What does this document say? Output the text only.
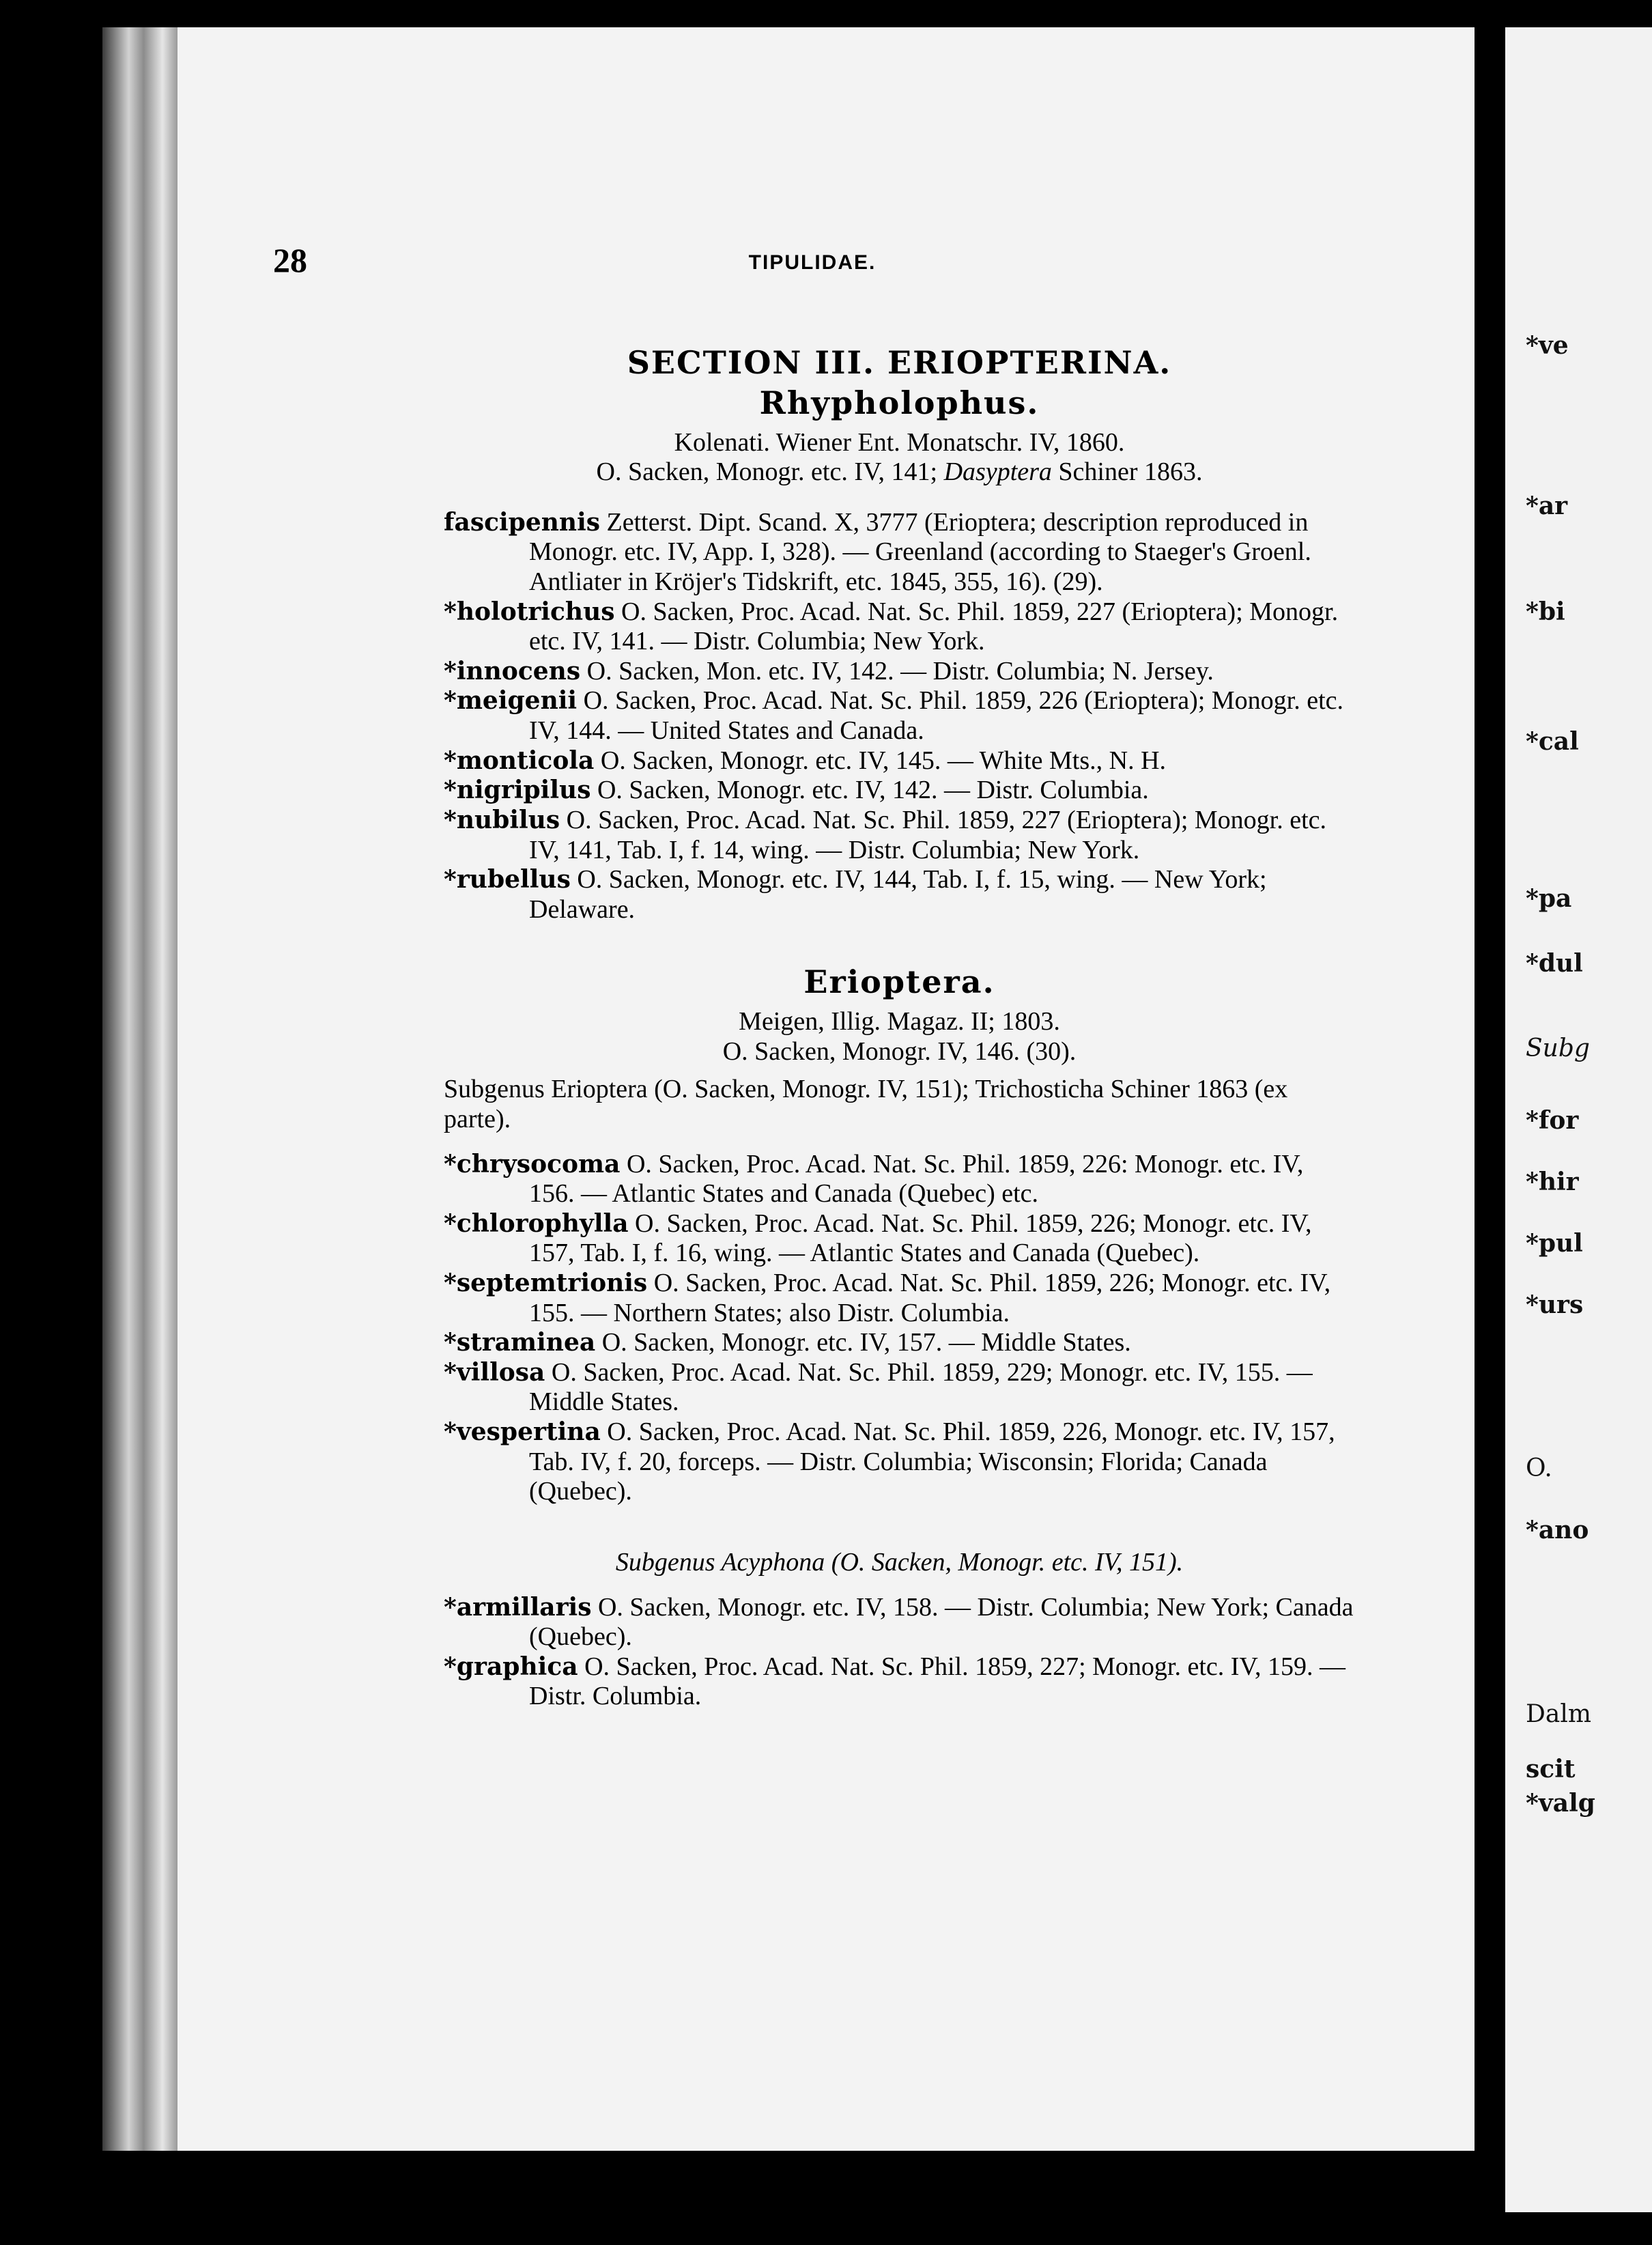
28	TIPULIDAE.
SECTION III. ERIOPTERINA.
Rhypholophus.

Kolenati. Wiener Ent. Monatschr. IV, 1860.

O. Sacken, Monogr. etc. IV, 141; Dasyptera Schiner 1863.

fascipennis Zetterst. Dipt. Scand. X, 3777 (Erioptera; description reproduced in Monogr. etc. IV, App. I, 328). — Greenland (according to Staeger's Groenl. Antliater in Kröjer's Tidskrift, etc. 1845, 355, 16). (29).

*holotrichus O. Sacken, Proc. Acad. Nat. Sc. Phil. 1859, 227 (Erioptera); Monogr. etc. IV, 141. — Distr. Columbia; New York.

*innocens O. Sacken, Mon. etc. IV, 142. — Distr. Columbia; N. Jersey.

*meigenii O. Sacken, Proc. Acad. Nat. Sc. Phil. 1859, 226 (Erioptera); Monogr. etc. IV, 144. — United States and Canada.

*monticola O. Sacken, Monogr. etc. IV, 145. — White Mts., N. H.

*nigripilus O. Sacken, Monogr. etc. IV, 142. — Distr. Columbia.

*nubilus O. Sacken, Proc. Acad. Nat. Sc. Phil. 1859, 227 (Erioptera); Monogr. etc. IV, 141, Tab. I, f. 14, wing. — Distr. Columbia; New York.

*rubellus O. Sacken, Monogr. etc. IV, 144, Tab. I, f. 15, wing. — New York; Delaware.

Erioptera.

Meigen, Illig. Magaz. II; 1803.

O. Sacken, Monogr. IV, 146. (30).

Subgenus Erioptera (O. Sacken, Monogr. IV, 151); Trichosticha Schiner 1863 (ex parte).

*chrysocoma O. Sacken, Proc. Acad. Nat. Sc. Phil. 1859, 226: Monogr. etc. IV, 156. — Atlantic States and Canada (Quebec) etc.

*chlorophylla O. Sacken, Proc. Acad. Nat. Sc. Phil. 1859, 226; Monogr. etc. IV, 157, Tab. I, f. 16, wing. — Atlantic States and Canada (Quebec).

*septemtrionis O. Sacken, Proc. Acad. Nat. Sc. Phil. 1859, 226; Monogr. etc. IV, 155. — Northern States; also Distr. Columbia.

*straminea O. Sacken, Monogr. etc. IV, 157. — Middle States.

*villosa O. Sacken, Proc. Acad. Nat. Sc. Phil. 1859, 229; Monogr. etc. IV, 155. — Middle States.

*vespertina O. Sacken, Proc. Acad. Nat. Sc. Phil. 1859, 226, Monogr. etc. IV, 157, Tab. IV, f. 20, forceps. — Distr. Columbia; Wisconsin; Florida; Canada (Quebec).

Subgenus Acyphona (O. Sacken, Monogr. etc. IV, 151).

*armillaris O. Sacken, Monogr. etc. IV, 158. — Distr. Columbia; New York; Canada (Quebec).

*graphica O. Sacken, Proc. Acad. Nat. Sc. Phil. 1859, 227; Monogr. etc. IV, 159. — Distr. Columbia.

*ve
*ar
*bi
*cal
*pa
*dul
Subg
*for
*hir
*pul
*urs
O.
*ano
Dalm
scit
*valg
